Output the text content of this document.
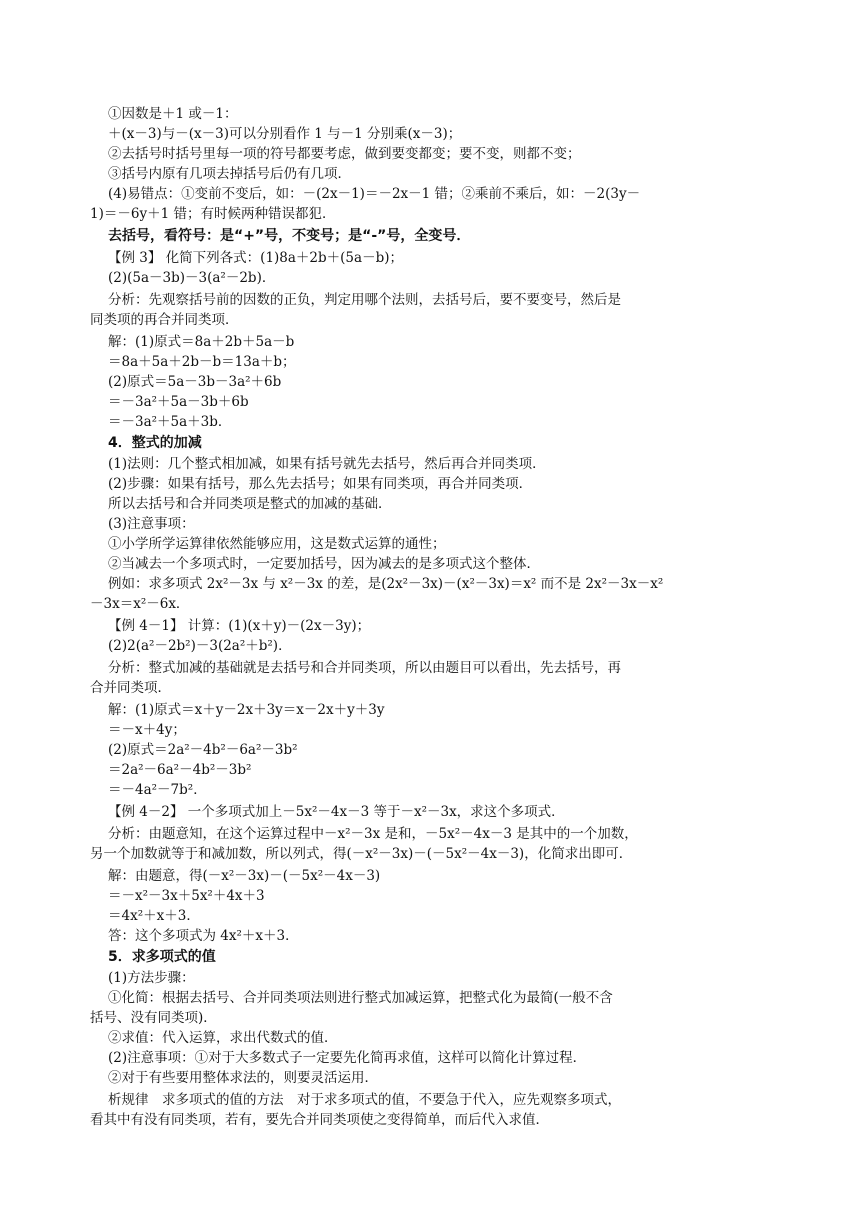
①因数是＋1 或－1：
＋(x－3)与－(x－3)可以分别看作 1 与－1 分别乘(x－3)；
②去括号时括号里每一项的符号都要考虑，做到要变都变；要不变，则都不变；
③括号内原有几项去掉括号后仍有几项．
(4)易错点：①变前不变后，如：－(2x－1)＝－2x－1 错；②乘前不乘后，如：－2(3y－
1)＝－6y＋1 错；有时候两种错误都犯．
去括号，看符号：是“+”号，不变号；是“-”号，全变号．
【例 3】 化简下列各式：(1)8a＋2b＋(5a－b)；
(2)(5a－3b)－3(a²－2b)．
分析：先观察括号前的因数的正负，判定用哪个法则，去括号后，要不要变号，然后是
同类项的再合并同类项．
解：(1)原式＝8a＋2b＋5a－b
＝8a＋5a＋2b－b＝13a＋b；
(2)原式＝5a－3b－3a²＋6b
＝－3a²＋5a－3b＋6b
＝－3a²＋5a＋3b．
4．整式的加减
(1)法则：几个整式相加减，如果有括号就先去括号，然后再合并同类项．
(2)步骤：如果有括号，那么先去括号；如果有同类项，再合并同类项．
所以去括号和合并同类项是整式的加减的基础．
(3)注意事项：
①小学所学运算律依然能够应用，这是数式运算的通性；
②当减去一个多项式时，一定要加括号，因为减去的是多项式这个整体．
例如：求多项式 2x²－3x 与 x²－3x 的差，是(2x²－3x)－(x²－3x)＝x² 而不是 2x²－3x－x²
－3x＝x²－6x．
【例 4－1】 计算：(1)(x＋y)－(2x－3y)；
(2)2(a²－2b²)－3(2a²＋b²)．
分析：整式加减的基础就是去括号和合并同类项，所以由题目可以看出，先去括号，再
合并同类项．
解：(1)原式＝x＋y－2x＋3y＝x－2x＋y＋3y
＝－x＋4y；
(2)原式＝2a²－4b²－6a²－3b²
＝2a²－6a²－4b²－3b²
＝－4a²－7b²．
【例 4－2】 一个多项式加上－5x²－4x－3 等于－x²－3x，求这个多项式．
分析：由题意知，在这个运算过程中－x²－3x 是和，－5x²－4x－3 是其中的一个加数，
另一个加数就等于和减加数，所以列式，得(－x²－3x)－(－5x²－4x－3)，化简求出即可．
解：由题意，得(－x²－3x)－(－5x²－4x－3)
＝－x²－3x＋5x²＋4x＋3
＝4x²＋x＋3．
答：这个多项式为 4x²＋x＋3．
5．求多项式的值
(1)方法步骤：
①化简：根据去括号、合并同类项法则进行整式加减运算，把整式化为最简(一般不含
括号、没有同类项)．
②求值：代入运算，求出代数式的值．
(2)注意事项：①对于大多数式子一定要先化简再求值，这样可以简化计算过程．
②对于有些要用整体求法的，则要灵活运用．
析规律　求多项式的值的方法　对于求多项式的值，不要急于代入，应先观察多项式，
看其中有没有同类项，若有，要先合并同类项使之变得简单，而后代入求值．
